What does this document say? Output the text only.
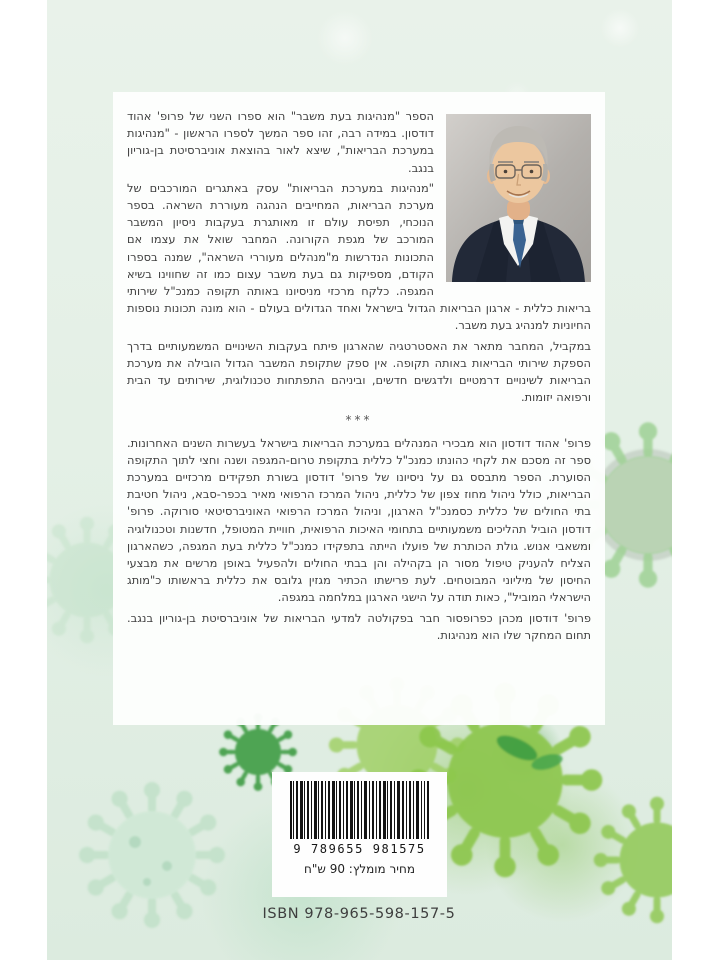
הספר "מנהיגות בעת משבר" הוא ספרו השני של פרופ' אהוד דודסון. במידה רבה, זהו ספר המשך לספרו הראשון - "מנהיגות במערכת הבריאות", שיצא לאור בהוצאת אוניברסיטת בן-גוריון בנגב.

"מנהיגות במערכת הבריאות" עסק באתגרים המורכבים של מערכת הבריאות, המחייבים הנהגה מעוררת השראה. בספר הנוכחי, תפיסת עולם זו מאותגרת בעקבות ניסיון המשבר המורכב של מגפת הקורונה. המחבר שואל את עצמו אם התכונות הנדרשות מ"מנהלים מעוררי השראה", שמנה בספרו הקודם, מספיקות גם בעת משבר עצום כמו זה שחווינו בשיא המגפה. כלקח מרכזי מניסיונו באותה תקופה כמנכ"ל שירותי בריאות כללית - ארגון הבריאות הגדול בישראל ואחד הגדולים בעולם - הוא מונה תכונות נוספות החיוניות למנהיג בעת משבר.

במקביל, המחבר מתאר את האסטרטגיה שהארגון פיתח בעקבות השינויים המשמעותיים בדרך הספקת שירותי הבריאות באותה תקופה. אין ספק שתקופת המשבר הגדול הובילה את מערכת הבריאות לשינויים דרמטיים ולדגשים חדשים, וביניהם התפתחות טכנולוגית, שירותים עד הבית ורפואה יזומות.

***

פרופ' אהוד דודסון הוא מבכירי המנהלים במערכת הבריאות בישראל בעשרות השנים האחרונות. ספר זה מסכם את לקחי כהונתו כמנכ"ל כללית בתקופת טרום-המגפה ושנה וחצי לתוך התקופה הסוערת. הספר מתבסס גם על ניסיונו של פרופ' דודסון בשורת תפקידים מרכזיים במערכת הבריאות, כולל ניהול מחוז צפון של כללית, ניהול המרכז הרפואי מאיר בכפר-סבא, ניהול חטיבת בתי החולים של כללית כסמנכ"ל הארגון, וניהול המרכז הרפואי האוניברסיטאי סורוקה. פרופ' דודסון הוביל תהליכים משמעותיים בתחומי האיכות הרפואית, חוויית המטופל, חדשנות וטכנולוגיה ומשאבי אנוש. גולת הכותרת של פועלו הייתה בתפקידו כמנכ"ל כללית בעת המגפה, כשהארגון הצליח להעניק טיפול מסור הן בקהילה והן בבתי החולים ולהפעיל באופן מרשים את מבצעי החיסון של מיליוני המבוטחים. לעת פרישתו הכתיר מגזין גלובס את כללית בראשותו כ"מותג הישראלי המוביל", כאות תודה על הישגי הארגון במלחמה במגפה.

פרופ' דודסון מכהן כפרופסור חבר בפקולטה למדעי הבריאות של אוניברסיטת בן-גוריון בנגב. תחום המחקר שלו הוא מנהיגות.

9 789655 981575
מחיר מומלץ: 90 ש"ח
ISBN 978-965-598-157-5
